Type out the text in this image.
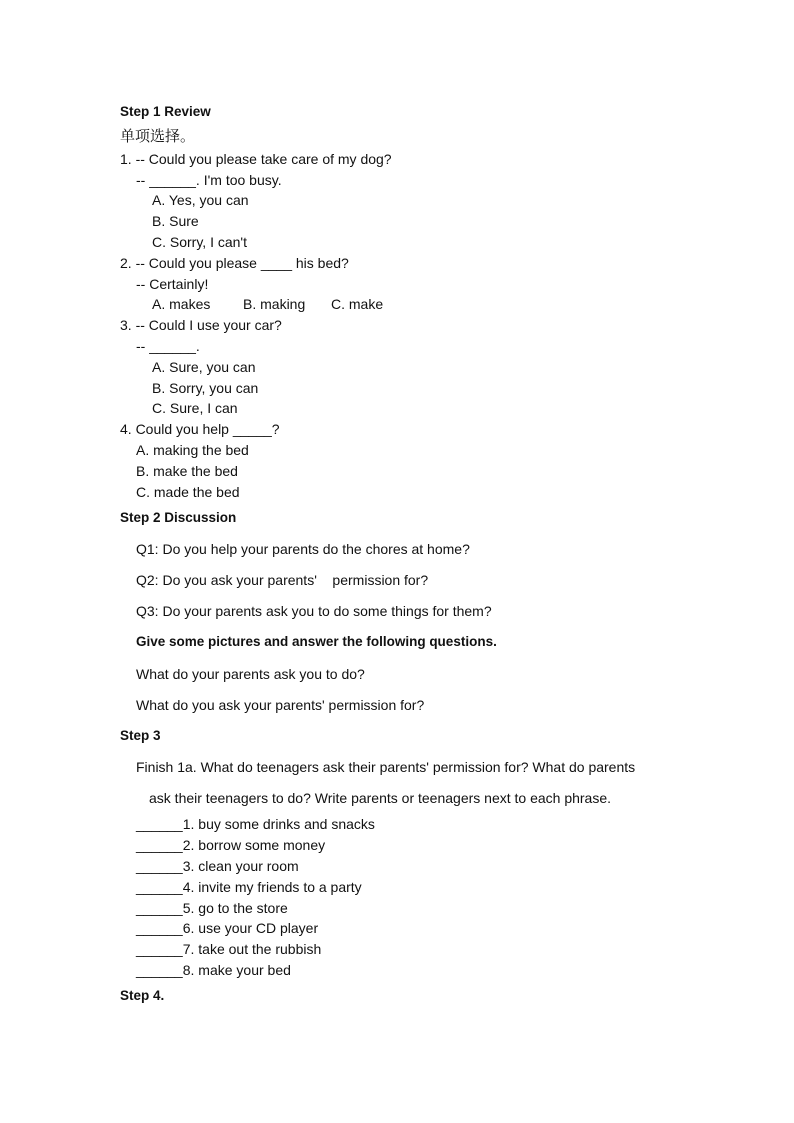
Step 1 Review
单项选择。
1. -- Could you please take care of my dog?
-- ______. I'm too busy.
A. Yes, you can
B. Sure
C. Sorry, I can't
2. -- Could you please ____ his bed?
-- Certainly!
A. makes B. making C. make
3. -- Could I use your car?
-- ______.
A. Sure, you can
B. Sorry, you can
C. Sure, I can
4. Could you help _____?
A. making the bed
B. make the bed
C. made the bed
Step 2 Discussion
Q1: Do you help your parents do the chores at home?
Q2: Do you ask your parents'    permission for?
Q3: Do your parents ask you to do some things for them?
Give some pictures and answer the following questions.
What do your parents ask you to do?
What do you ask your parents' permission for?
Step 3
Finish 1a. What do teenagers ask their parents' permission for? What do parents
ask their teenagers to do? Write parents or teenagers next to each phrase.
______1. buy some drinks and snacks
______2. borrow some money
______3. clean your room
______4. invite my friends to a party
______5. go to the store
______6. use your CD player
______7. take out the rubbish
______8. make your bed
Step 4.
